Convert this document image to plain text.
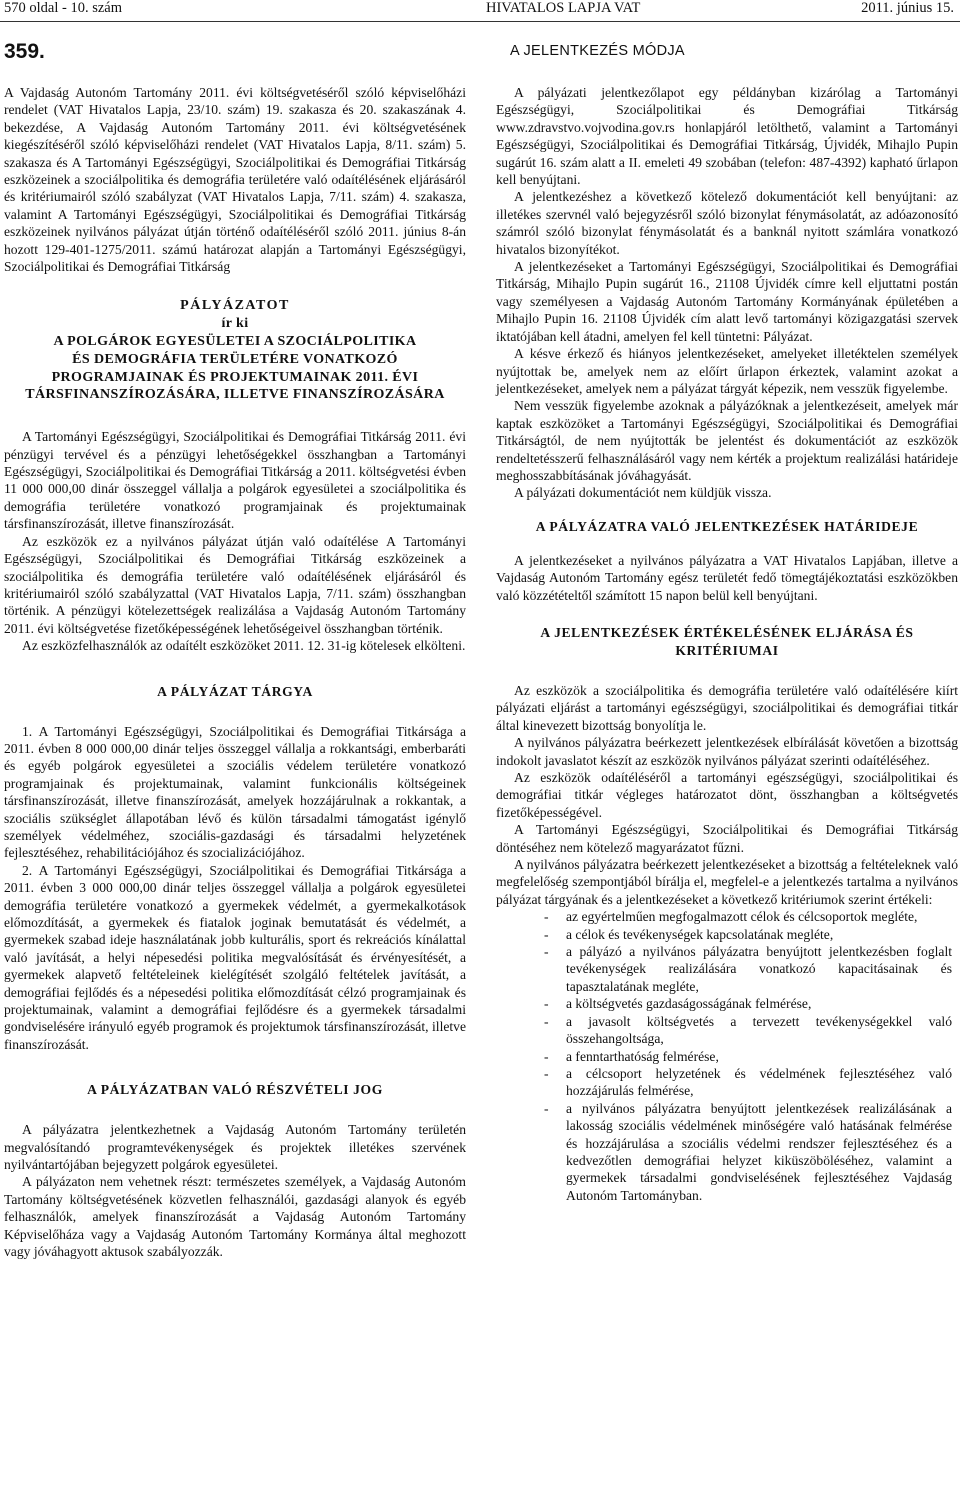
570 oldal - 10. szám	HIVATALOS LAPJA VAT	2011. június 15.
359.

A Vajdaság Autonóm Tartomány 2011. évi költségvetéséről szóló képviselőházi rendelet (VAT Hivatalos Lapja, 23/10. szám) 19. szakasza és 20. szakaszának 4. bekezdése, A Vajdaság Autonóm Tartomány 2011. évi költségvetésének kiegészítéséről szóló képviselőházi rendelet (VAT Hivatalos Lapja, 8/11. szám) 5. szakasza és A Tartományi Egészségügyi, Szociálpolitikai és Demográfiai Titkárság eszközeinek a szociálpolitika és demográfia területére való odaítélésének eljárásáról és kritériumairól szóló szabályzat (VAT Hivatalos Lapja, 7/11. szám) 4. szakasza, valamint A Tartományi Egészségügyi, Szociálpolitikai és Demográfiai Titkárság eszközeinek nyilvános pályázat útján történő odaítéléséről szóló 2011. június 8-án hozott 129-401-1275/2011. számú határozat alapján a Tartományi Egészségügyi, Szociálpolitikai és Demográfiai Titkárság

PÁLYÁZATOT
ír ki
A POLGÁROK EGYESÜLETEI A SZOCIÁLPOLITIKA
ÉS DEMOGRÁFIA TERÜLETÉRE VONATKOZÓ
PROGRAMJAINAK ÉS PROJEKTUMAINAK 2011. ÉVI
TÁRSFINANSZÍROZÁSÁRA, ILLETVE FINANSZÍROZÁSÁRA

A Tartományi Egészségügyi, Szociálpolitikai és Demográfiai Titkárság 2011. évi pénzügyi tervével és a pénzügyi lehetőségekkel összhangban a Tartományi Egészségügyi, Szociálpolitikai és Demográfiai Titkárság a 2011. költségvetési évben 11 000 000,00 dinár összeggel vállalja a polgárok egyesületei a szociálpolitika és demográfia területére vonatkozó programjainak és projektumainak társfinanszírozását, illetve finanszírozását.

Az eszközök ez a nyilvános pályázat útján való odaítélése A Tartományi Egészségügyi, Szociálpolitikai és Demográfiai Titkárság eszközeinek a szociálpolitika és demográfia területére való odaítélésének eljárásáról és kritériumairól szóló szabályzattal (VAT Hivatalos Lapja, 7/11. szám) összhangban történik. A pénzügyi kötelezettségek realizálása a Vajdaság Autonóm Tartomány 2011. évi költségvetése fizetőképességének lehetőségeivel összhangban történik.

Az eszközfelhasználók az odaítélt eszközöket 2011. 12. 31-ig kötelesek elkölteni.

A PÁLYÁZAT TÁRGYA

1. A Tartományi Egészségügyi, Szociálpolitikai és Demográfiai Titkársága a 2011. évben 8 000 000,00 dinár teljes összeggel vállalja a rokkantsági, emberbaráti és egyéb polgárok egyesületei a szociális védelem területére vonatkozó programjainak és projektumainak, valamint funkcionális költségeinek társfinanszírozását, illetve finanszírozását, amelyek hozzájárulnak a rokkantak, a szociális szükséglet állapotában lévő és külön társadalmi támogatást igénylő személyek védelméhez, szociális-gazdasági és társadalmi helyzetének fejlesztéséhez, rehabilitációjához és szocializációjához.

2. A Tartományi Egészségügyi, Szociálpolitikai és Demográfiai Titkársága a 2011. évben 3 000 000,00 dinár teljes összeggel vállalja a polgárok egyesületei demográfia területére vonatkozó a gyermekek védelmét, a gyermekalkotások előmozdítását, a gyermekek és fiatalok joginak bemutatását és védelmét, a gyermekek szabad ideje használatának jobb kulturális, sport és rekreációs kínálattal való javítását, a helyi népesedési politika megvalósítását és érvényesítését, a gyermekek alapvető feltételeinek kielégítését szolgáló feltételek javítását, a demográfiai fejlődés és a népesedési politika előmozdítását célzó programjainak és projektumainak, valamint a demográfiai fejlődésre és a gyermekek társadalmi gondviselésére irányuló egyéb programok és projektumok társfinanszírozását, illetve finanszírozását.

A PÁLYÁZATBAN VALÓ RÉSZVÉTELI JOG

A pályázatra jelentkezhetnek a Vajdaság Autonóm Tartomány területén megvalósítandó programtevékenységek és projektek illetékes szervének nyilvántartójában bejegyzett polgárok egyesületei.

A pályázaton nem vehetnek részt: természetes személyek, a Vajdaság Autonóm Tartomány költségvetésének közvetlen felhasználói, gazdasági alanyok és egyéb felhasználók, amelyek finanszírozását a Vajdaság Autonóm Tartomány Képviselőháza vagy a Vajdaság Autonóm Tartomány Kormánya által meghozott vagy jóváhagyott aktusok szabályozzák.

A JELENTKEZÉS MÓDJA

A pályázati jelentkezőlapot egy példányban kizárólag a Tartományi Egészségügyi, Szociálpolitikai és Demográfiai Titkárság www.zdravstvo.vojvodina.gov.rs honlapjáról letölthető, valamint a Tartományi Egészségügyi, Szociálpolitikai és Demográfiai Titkárság, Újvidék, Mihajlo Pupin sugárút 16. szám alatt a II. emeleti 49 szobában (telefon: 487-4392) kapható űrlapon kell benyújtani.

A jelentkezéshez a következő kötelező dokumentációt kell benyújtani: az illetékes szervnél való bejegyzésről szóló bizonylat fénymásolatát, az adóazonosító számról szóló bizonylat fénymásolatát és a banknál nyitott számlára vonatkozó hivatalos bizonyítékot.

A jelentkezéseket a Tartományi Egészségügyi, Szociálpolitikai és Demográfiai Titkárság, Mihajlo Pupin sugárút 16., 21108 Újvidék címre kell eljuttatni postán vagy személyesen a Vajdaság Autonóm Tartomány Kormányának épületében a Mihajlo Pupin 16. 21108 Újvidék cím alatt levő tartományi közigazgatási szervek iktatójában kell átadni, amelyen fel kell tüntetni: Pályázat.

A késve érkező és hiányos jelentkezéseket, amelyeket illetéktelen személyek nyújtottak be, amelyek nem az előírt űrlapon érkeztek, valamint azokat a jelentkezéseket, amelyek nem a pályázat tárgyát képezik, nem vesszük figyelembe.

Nem vesszük figyelembe azoknak a pályázóknak a jelentkezéseit, amelyek már kaptak eszközöket a Tartományi Egészségügyi, Szociálpolitikai és Demográfiai Titkárságtól, de nem nyújtották be jelentést és dokumentációt az eszközök rendeltetésszerű felhasználásáról vagy nem kérték a projektum realizálási határideje meghosszabbításának jóváhagyását.

A pályázati dokumentációt nem küldjük vissza.

A PÁLYÁZATRA VALÓ JELENTKEZÉSEK HATÁRIDEJE

A jelentkezéseket a nyilvános pályázatra a VAT Hivatalos Lapjában, illetve a Vajdaság Autonóm Tartomány egész területét fedő tömegtájékoztatási eszközökben való közzétételtől számított 15 napon belül kell benyújtani.

A JELENTKEZÉSEK ÉRTÉKELÉSÉNEK ELJÁRÁSA ÉS
KRITÉRIUMAI

Az eszközök a szociálpolitika és demográfia területére való odaítélésére kiírt pályázati eljárást a tartományi egészségügyi, szociálpolitikai és demográfiai titkár által kinevezett bizottság bonyolítja le.

A nyilvános pályázatra beérkezett jelentkezések elbírálását követően a bizottság indokolt javaslatot készít az eszközök nyilvános pályázat szerinti odaítéléséhez.

Az eszközök odaítéléséről a tartományi egészségügyi, szociálpolitikai és demográfiai titkár végleges határozatot dönt, összhangban a költségvetés fizetőképességével.

A Tartományi Egészségügyi, Szociálpolitikai és Demográfiai Titkárság döntéséhez nem kötelező magyarázatot fűzni.

A nyilvános pályázatra beérkezett jelentkezéseket a bizottság a feltételeknek való megfelelőség szempontjából bírálja el, megfelel-e a jelentkezés tartalma a nyilvános pályázat tárgyának és a jelentkezéseket a következő kritériumok szerint értékeli:

- az egyértelműen megfogalmazott célok és célcsoportok megléte,
- a célok és tevékenységek kapcsolatának megléte,
- a pályázó a nyilvános pályázatra benyújtott jelentkezésben foglalt tevékenységek realizálására vonatkozó kapacitásainak és tapasztalatának megléte,
- a költségvetés gazdaságosságának felmérése,
- a javasolt költségvetés a tervezett tevékenységekkel való összehangoltsága,
- a fenntarthatóság felmérése,
- a célcsoport helyzetének és védelmének fejlesztéséhez való hozzájárulás felmérése,
- a nyilvános pályázatra benyújtott jelentkezések realizálásának a lakosság szociális védelmének minőségére való hatásának felmérése és hozzájárulása a szociális védelmi rendszer fejlesztéséhez és a kedvezőtlen demográfiai helyzet kiküszöböléséhez, valamint a gyermekek társadalmi gondviselésének fejlesztéséhez Vajdaság Autonóm Tartományban.
